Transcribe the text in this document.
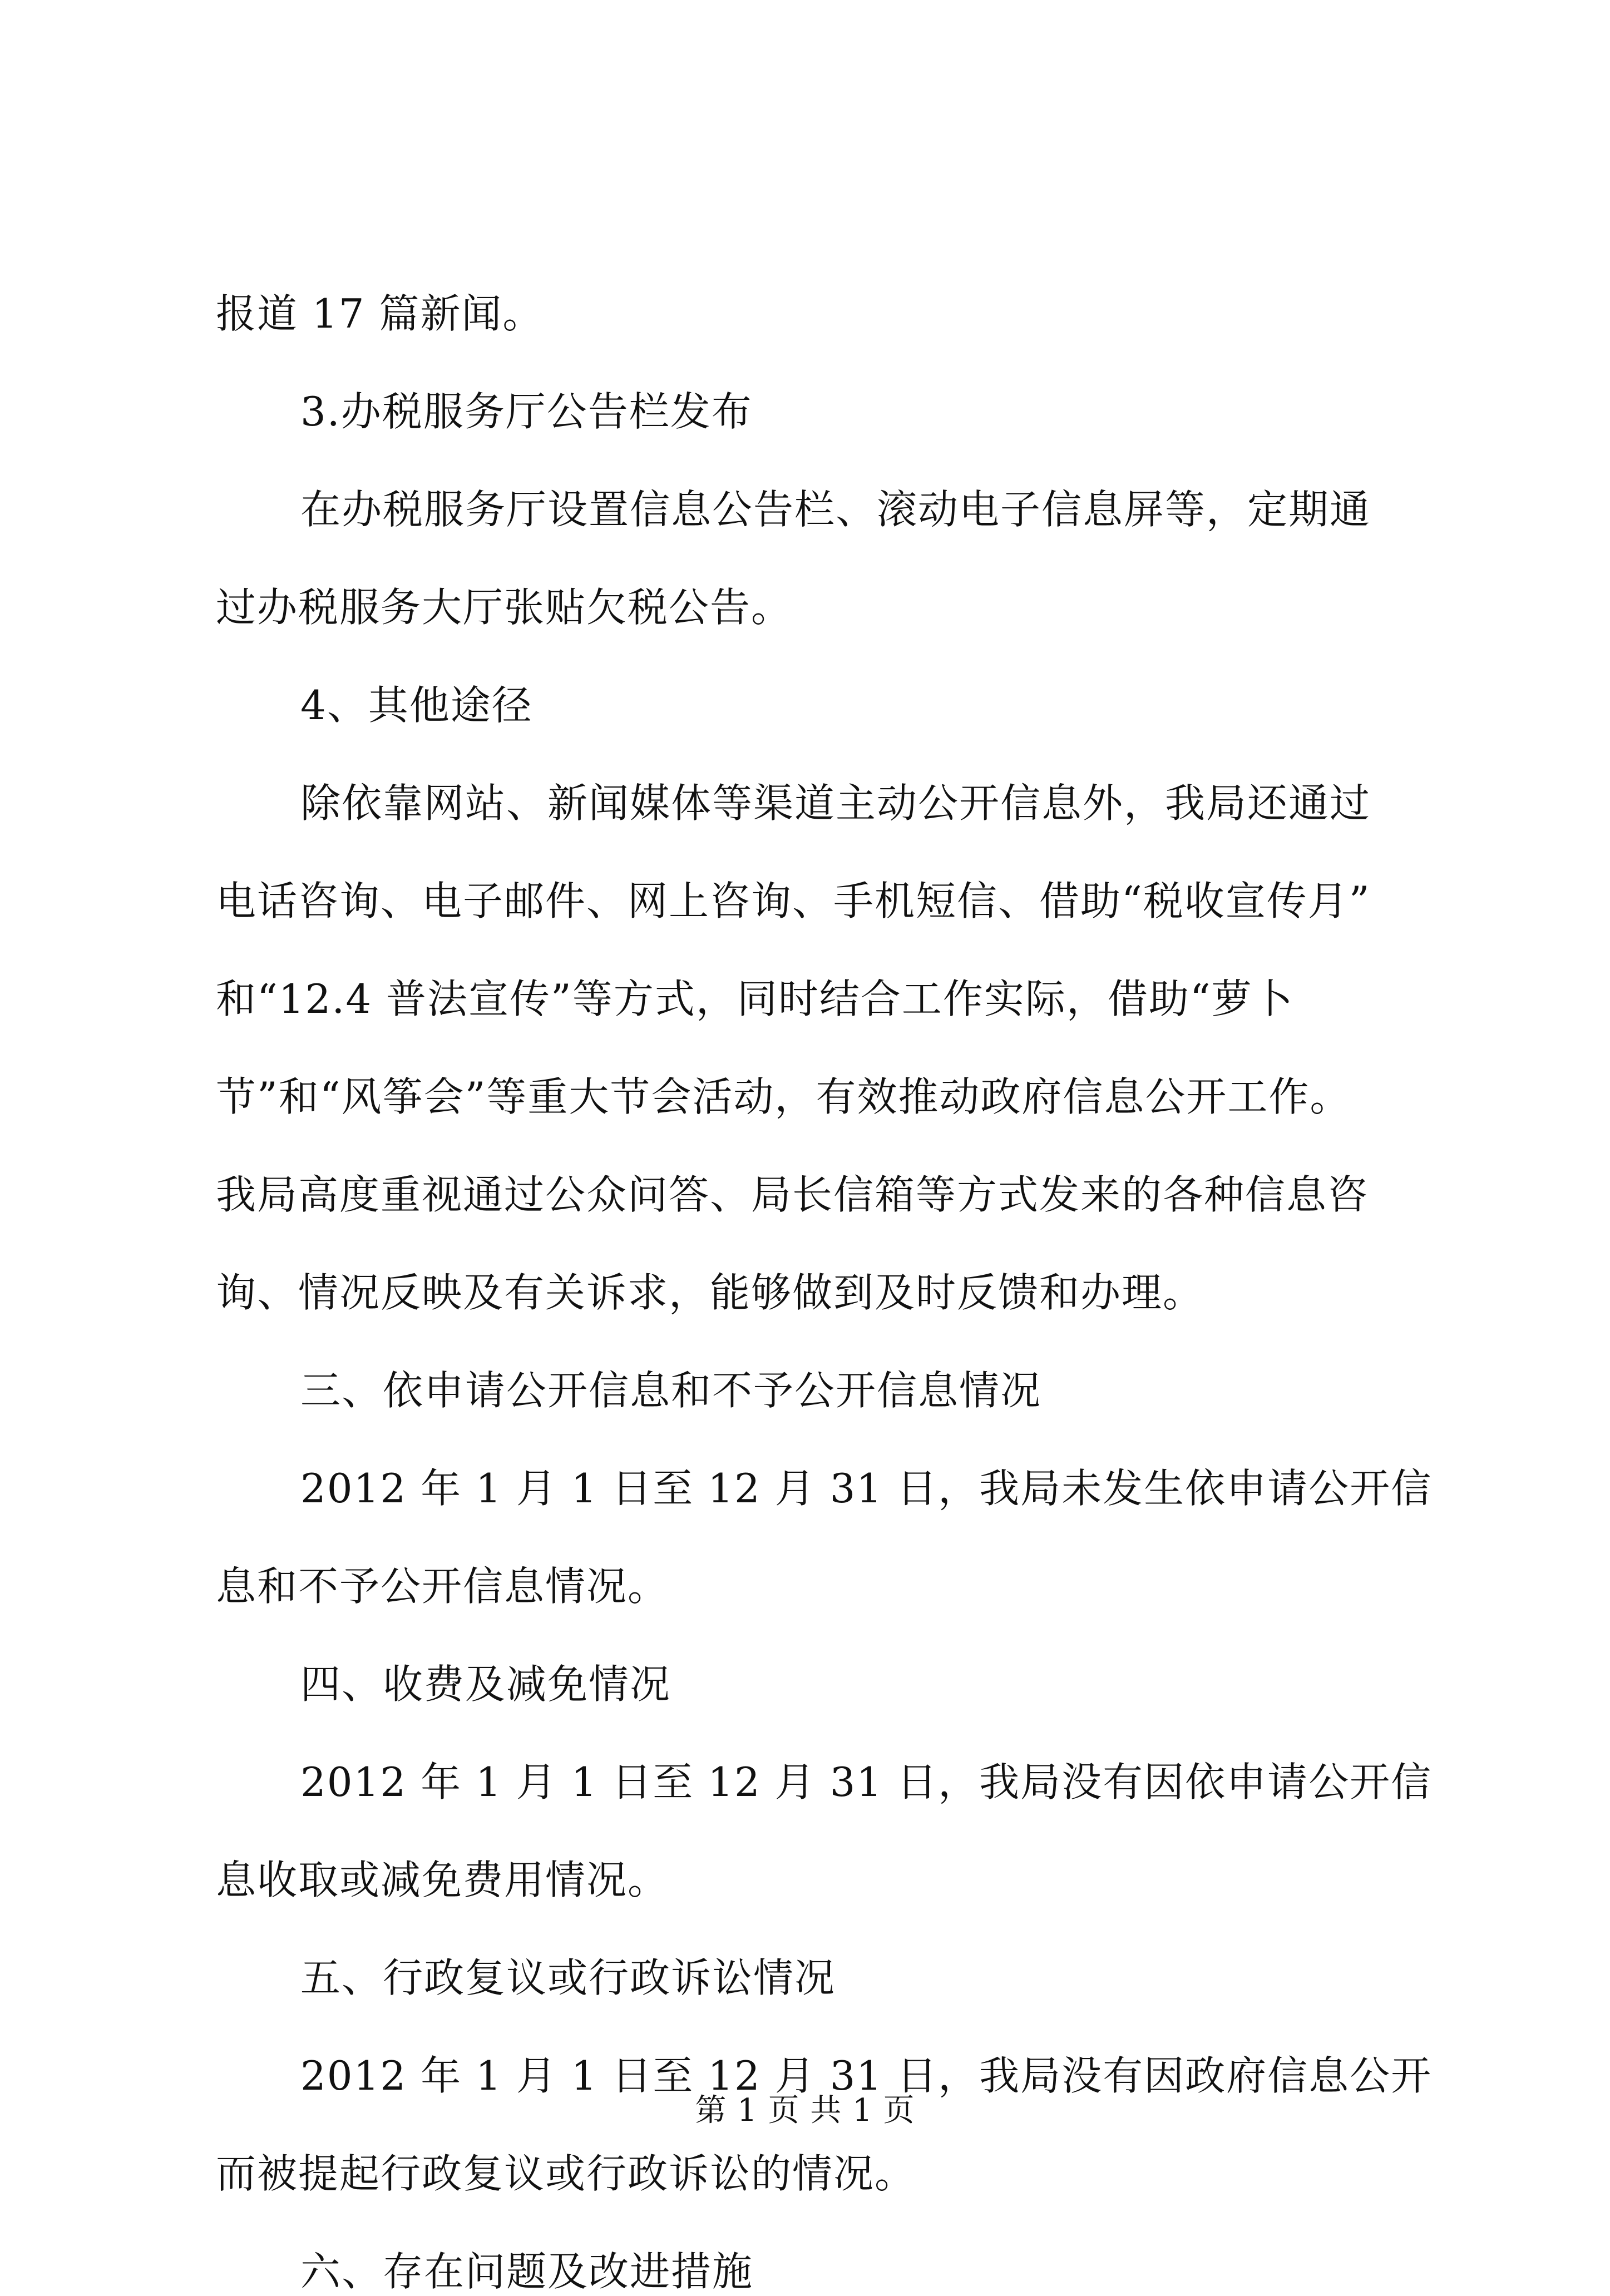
报道 17 篇新闻。
3.办税服务厅公告栏发布
在办税服务厅设置信息公告栏、滚动电子信息屏等，定期通
过办税服务大厅张贴欠税公告。
4、其他途径
除依靠网站、新闻媒体等渠道主动公开信息外，我局还通过
电话咨询、电子邮件、网上咨询、手机短信、借助“税收宣传月”
和“12.4 普法宣传”等方式，同时结合工作实际，借助“萝卜
节”和“风筝会”等重大节会活动，有效推动政府信息公开工作。
我局高度重视通过公众问答、局长信箱等方式发来的各种信息咨
询、情况反映及有关诉求，能够做到及时反馈和办理。
三、依申请公开信息和不予公开信息情况
2012 年 1 月 1 日至 12 月 31 日，我局未发生依申请公开信
息和不予公开信息情况。
四、收费及减免情况
2012 年 1 月 1 日至 12 月 31 日，我局没有因依申请公开信
息收取或减免费用情况。
五、行政复议或行政诉讼情况
2012 年 1 月 1 日至 12 月 31 日，我局没有因政府信息公开
而被提起行政复议或行政诉讼的情况。
六、存在问题及改进措施
第 1 页 共 1 页
